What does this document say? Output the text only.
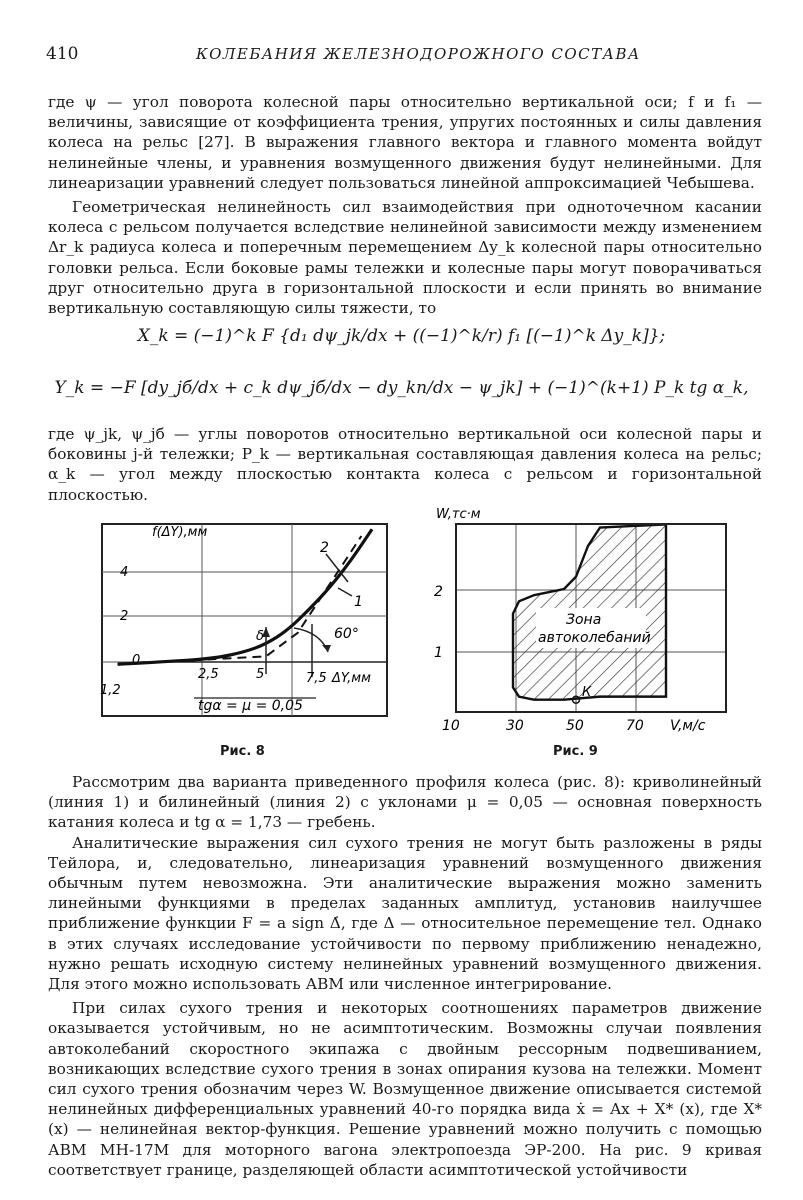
410	КОЛЕБАНИЯ ЖЕЛЕЗНОДОРОЖНОГО СОСТАВА

где ψ — угол поворота колесной пары относительно вертикальной оси; f и f₁ — величины, зависящие от коэффициента трения, упругих постоянных и силы давления колеса на рельс [27]. В выражения главного вектора и главного момента войдут нелинейные члены, и уравнения возмущенного движения будут нелинейными. Для линеаризации уравнений следует пользоваться линейной аппроксимацией Чебышева.

Геометрическая нелинейность сил взаимодействия при одноточечном касании колеса с рельсом получается вследствие нелинейной зависимости между изменением Δr_k радиуса колеса и поперечным перемещением Δy_k колесной пары относительно головки рельса. Если боковые рамы тележки и колесные пары могут поворачиваться друг относительно друга в горизонтальной плоскости и если принять во внимание вертикальную составляющую силы тяжести, то

X_k = (−1)^k F {d₁ dψ_jk/dx + ((−1)^k/r) f₁ [(−1)^k Δy_k]};
Y_k = −F [dy_jб/dx + c_k dψ_jб/dx − dy_kп/dx − ψ_jk] + (−1)^(k+1) P_k tg α_k,

где ψ_jk, ψ_jб — углы поворотов относительно вертикальной оси колесной пары и боковины j-й тележки; P_k — вертикальная составляющая давления колеса на рельс; α_k — угол между плоскостью контакта колеса с рельсом и горизонтальной плоскостью.

f(ΔY),мм
4
2
0
2,5	5	7,5 ΔY,мм
2
1
1,2
60°
δ
tgα = μ = 0,05
Рис. 8
W,тс·м
2
1
10	30	50	70 V,м/с
Зона
автоколебаний
К
Рис. 9

Рассмотрим два варианта приведенного профиля колеса (рис. 8): криволинейный (линия 1) и билинейный (линия 2) с уклонами μ = 0,05 — основная поверхность катания колеса и tg α = 1,73 — гребень.

Аналитические выражения сил сухого трения не могут быть разложены в ряды Тейлора, и, следовательно, линеаризация уравнений возмущенного движения обычным путем невозможна. Эти аналитические выражения можно заменить линейными функциями в пределах заданных амплитуд, установив наилучшее приближение функции F = a sign Δ̇, где Δ — относительное перемещение тел. Однако в этих случаях исследование устойчивости по первому приближению ненадежно, нужно решать исходную систему нелинейных уравнений возмущенного движения. Для этого можно использовать АВМ или численное интегрирование.

При силах сухого трения и некоторых соотношениях параметров движение оказывается устойчивым, но не асимптотическим. Возможны случаи появления автоколебаний скоростного экипажа с двойным рессорным подвешиванием, возникающих вследствие сухого трения в зонах опирания кузова на тележки. Момент сил сухого трения обозначим через W. Возмущенное движение описывается системой нелинейных дифференциальных уравнений 40-го порядка вида ẋ = Ax + X* (x), где X* (x) — нелинейная вектор-функция. Решение уравнений можно получить с помощью АВМ МН-17М для моторного вагона электропоезда ЭР-200. На рис. 9 кривая соответствует границе, разделяющей области асимптотической устойчивости
